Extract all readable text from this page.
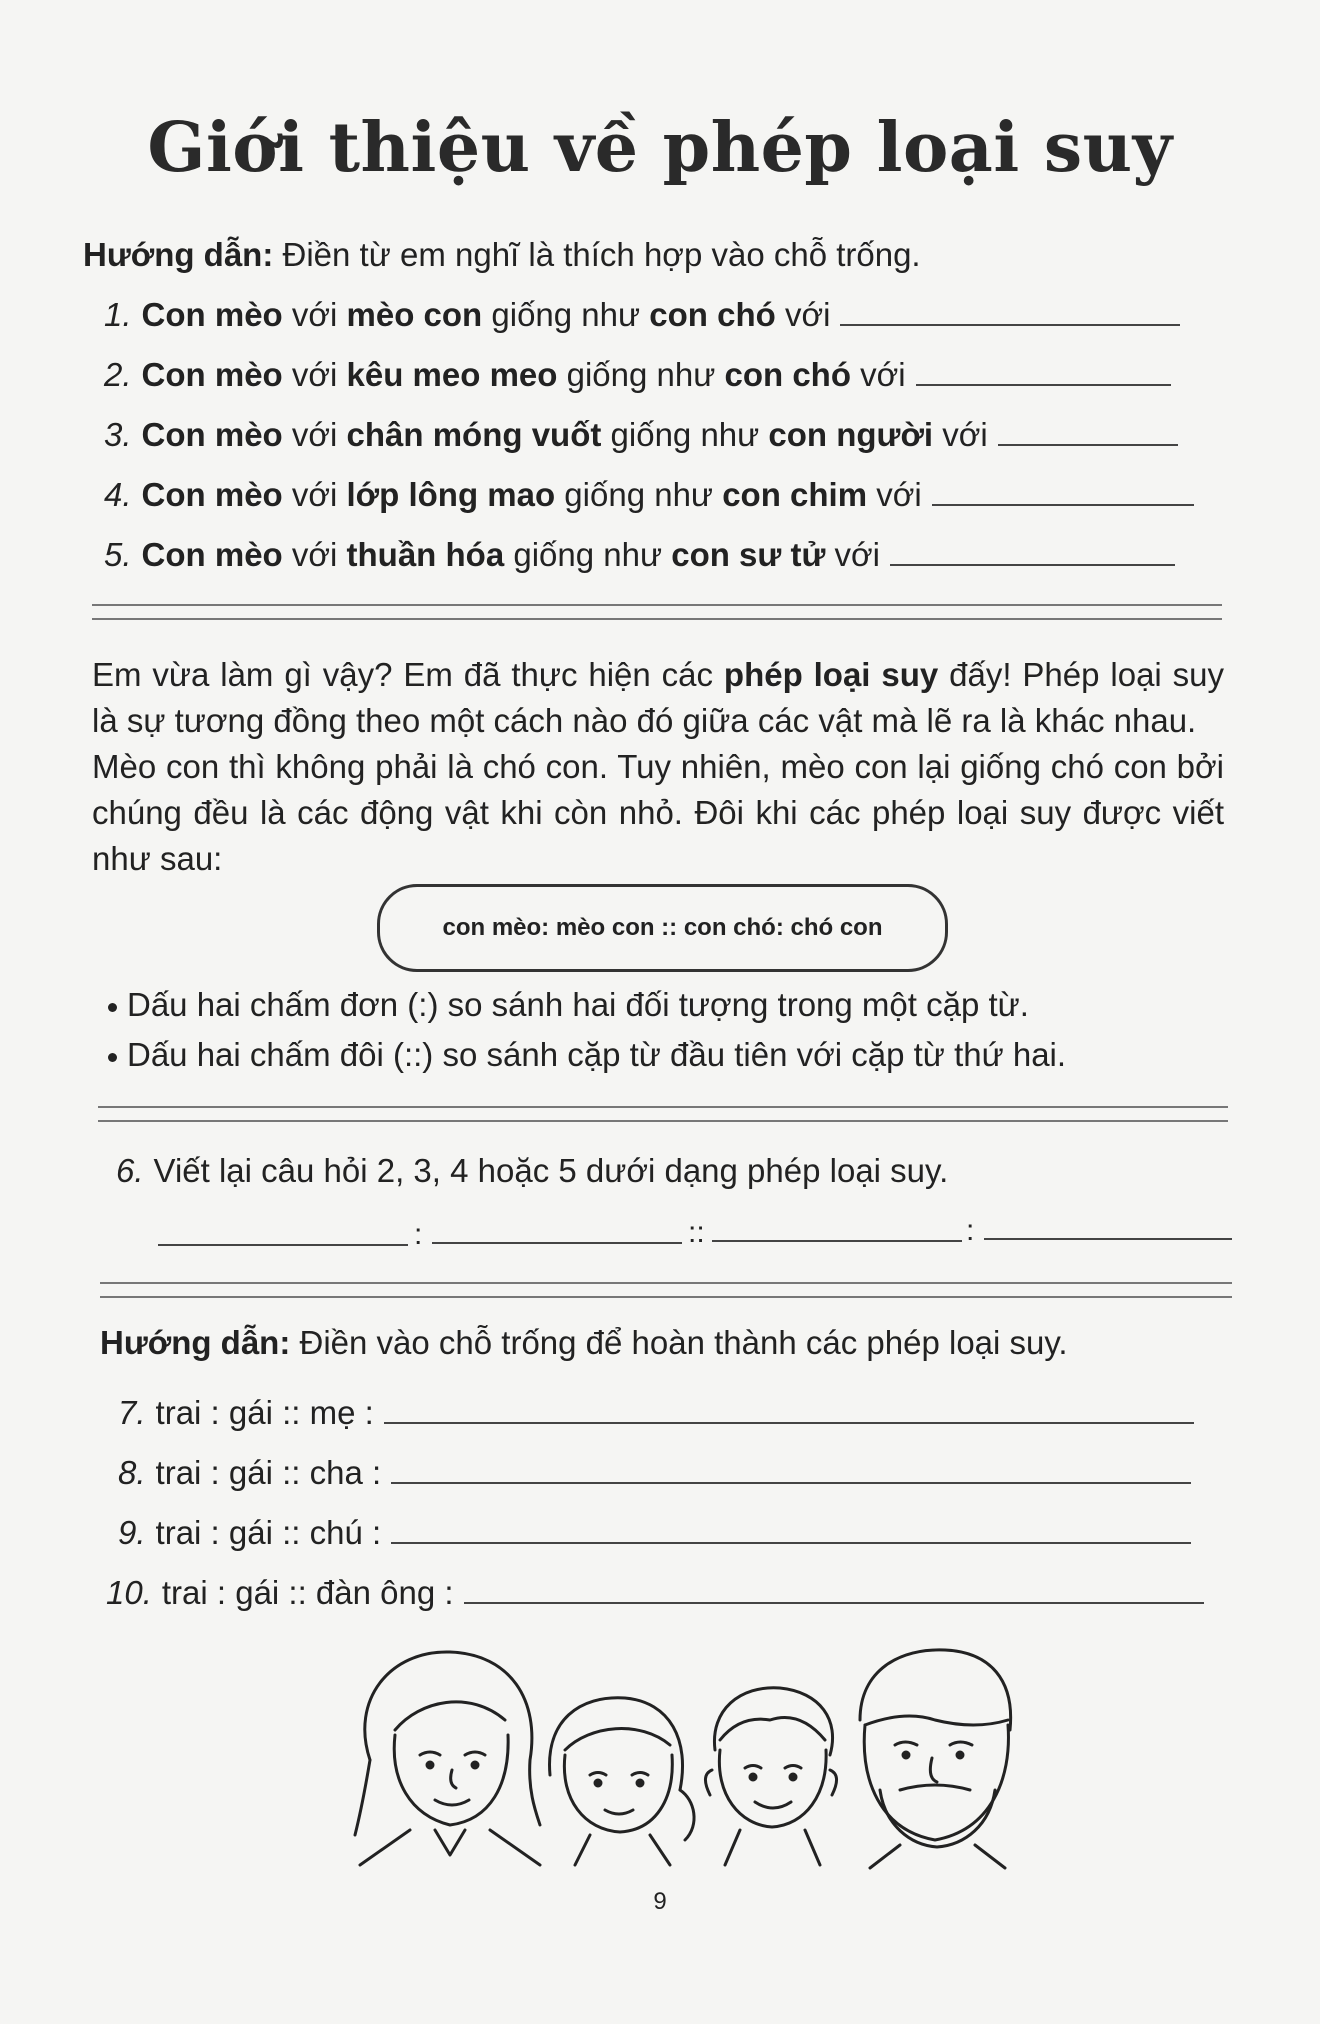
Giới thiệu về phép loại suy
Hướng dẫn: Điền từ em nghĩ là thích hợp vào chỗ trống.
1. Con mèo với mèo con giống như con chó với
2. Con mèo với kêu meo meo giống như con chó với
3. Con mèo với chân móng vuốt giống như con người với
4. Con mèo với lớp lông mao giống như con chim với
5. Con mèo với thuần hóa giống như con sư tử với
Em vừa làm gì vậy? Em đã thực hiện các phép loại suy đấy! Phép loại suy là sự tương đồng theo một cách nào đó giữa các vật mà lẽ ra là khác nhau.
Mèo con thì không phải là chó con. Tuy nhiên, mèo con lại giống chó con bởi chúng đều là các động vật khi còn nhỏ. Đôi khi các phép loại suy được viết như sau:
con mèo: mèo con :: con chó: chó con
Dấu hai chấm đơn (:) so sánh hai đối tượng trong một cặp từ.
Dấu hai chấm đôi (::) so sánh cặp từ đầu tiên với cặp từ thứ hai.
6. Viết lại câu hỏi 2, 3, 4 hoặc 5 dưới dạng phép loại suy.
:	::	:
Hướng dẫn: Điền vào chỗ trống để hoàn thành các phép loại suy.
7. trai : gái :: mẹ :
8. trai : gái :: cha :
9. trai : gái :: chú :
10. trai : gái :: đàn ông :
9
